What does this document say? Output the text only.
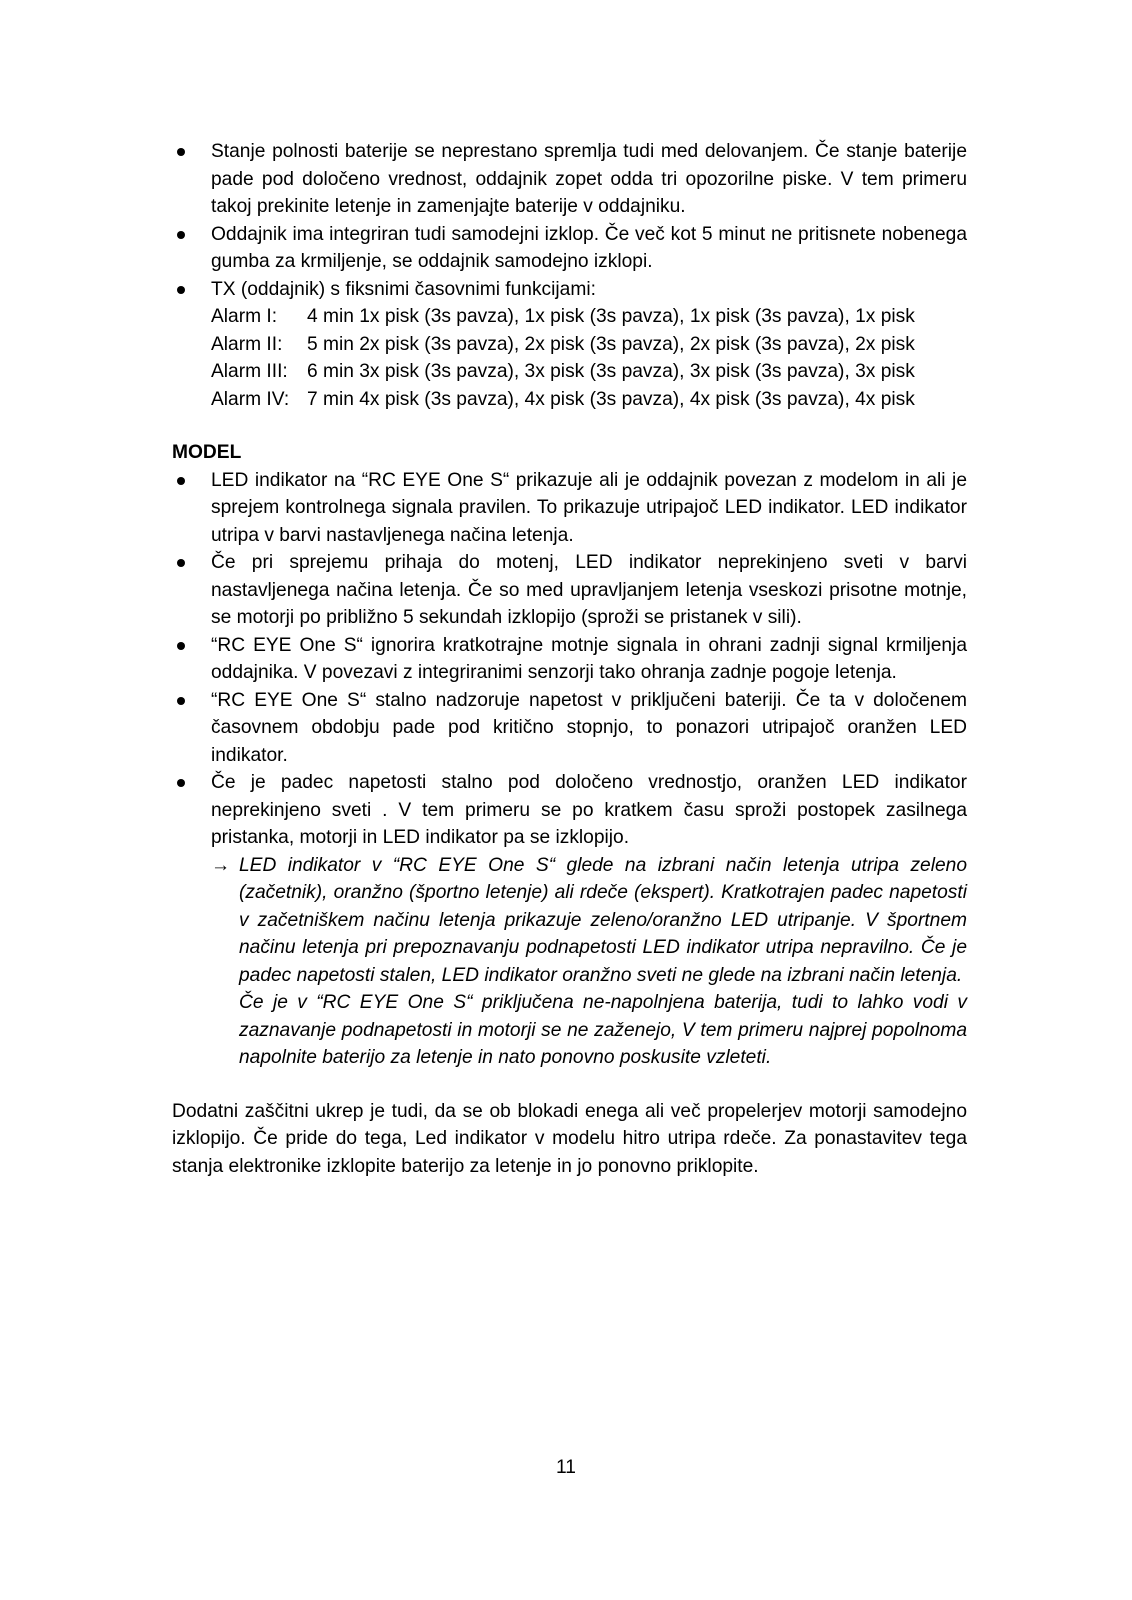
Stanje polnosti baterije se neprestano spremlja tudi med delovanjem. Če stanje baterije pade pod določeno vrednost, oddajnik zopet odda tri opozorilne piske. V tem primeru takoj prekinite letenje in zamenjajte baterije v oddajniku.
Oddajnik ima integriran tudi samodejni izklop. Če več kot 5 minut ne pritisnete nobenega gumba za krmiljenje, se oddajnik samodejno izklopi.
TX (oddajnik) s fiksnimi časovnimi funkcijami:
Alarm I:	4 min 1x pisk (3s pavza), 1x pisk (3s pavza), 1x pisk (3s pavza), 1x pisk
Alarm II:	5 min 2x pisk (3s pavza), 2x pisk (3s pavza), 2x pisk (3s pavza), 2x pisk
Alarm III:	6 min 3x pisk (3s pavza), 3x pisk (3s pavza), 3x pisk (3s pavza), 3x pisk
Alarm IV: 7 min 4x pisk (3s pavza), 4x pisk (3s pavza), 4x pisk (3s pavza), 4x pisk
MODEL
LED indikator na “RC EYE One S“ prikazuje ali je oddajnik povezan z modelom in ali je sprejem kontrolnega signala pravilen. To prikazuje utripajoč LED indikator. LED indikator utripa v barvi nastavljenega načina letenja.
Če pri sprejemu prihaja do motenj, LED indikator neprekinjeno sveti v barvi nastavljenega načina letenja. Če so med upravljanjem letenja vseskozi prisotne motnje, se motorji po približno 5 sekundah izklopijo (sproži se pristanek v sili).
“RC EYE One S“ ignorira kratkotrajne motnje signala in ohrani zadnji signal krmiljenja oddajnika. V povezavi z integriranimi senzorji tako ohranja zadnje pogoje letenja.
“RC EYE One S“ stalno nadzoruje napetost v priključeni bateriji. Če ta v določenem časovnem obdobju pade pod kritično stopnjo, to ponazori utripajoč oranžen LED indikator.
Če je padec napetosti stalno pod določeno vrednostjo, oranžen LED indikator neprekinjeno sveti . V tem primeru se po kratkem času sproži postopek zasilnega pristanka, motorji in LED indikator pa se izklopijo.
→ LED indikator v “RC EYE One S“ glede na izbrani način letenja utripa zeleno (začetnik), oranžno (športno letenje) ali rdeče (ekspert). Kratkotrajen padec napetosti v začetniškem načinu letenja prikazuje zeleno/oranžno LED utripanje. V športnem načinu letenja pri prepoznavanju podnapetosti LED indikator utripa nepravilno. Če je padec napetosti stalen, LED indikator oranžno sveti ne glede na izbrani način letenja.

Če je v “RC EYE One S“ priključena ne-napolnjena baterija, tudi to lahko vodi v zaznavanje podnapetosti in motorji se ne zaženejo, V tem primeru najprej popolnoma napolnite baterijo za letenje in nato ponovno poskusite vzleteti.

Dodatni zaščitni ukrep je tudi, da se ob blokadi enega ali več propelerjev motorji samodejno izklopijo. Če pride do tega, Led indikator v modelu hitro utripa rdeče. Za ponastavitev tega stanja elektronike izklopite baterijo za letenje in jo ponovno priklopite.

11
